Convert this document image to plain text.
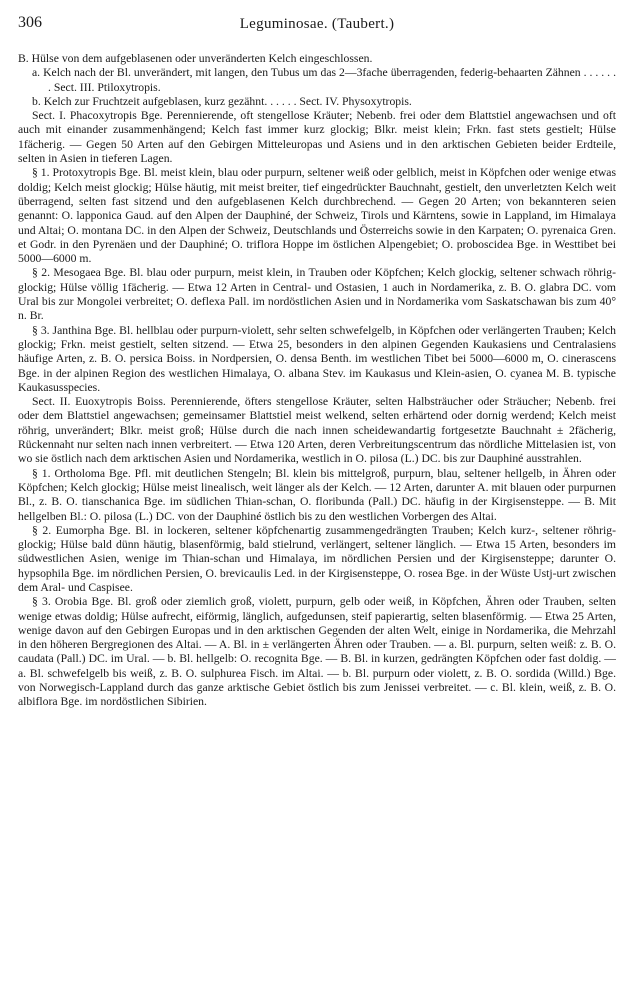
306	Leguminosae. (Taubert.)

B. Hülse von dem aufgeblasenen oder unveränderten Kelch eingeschlossen.

a. Kelch nach der Bl. unverändert, mit langen, den Tubus um das 2—3fache überragenden, federig-behaarten Zähnen . . . . . . . Sect. III. Ptiloxytropis.

b. Kelch zur Fruchtzeit aufgeblasen, kurz gezähnt. . . . . . Sect. IV. Physoxytropis.

Sect. I. Phacoxytropis Bge. Perennierende, oft stengellose Kräuter; Nebenb. frei oder dem Blattstiel angewachsen und oft auch mit einander zusammenhängend; Kelch fast immer kurz glockig; Blkr. meist klein; Frkn. fast stets gestielt; Hülse 1fächerig. — Gegen 50 Arten auf den Gebirgen Mitteleuropas und Asiens und in den arktischen Gebieten beider Erdteile, selten in Asien in tieferen Lagen.

§ 1. Protoxytropis Bge. Bl. meist klein, blau oder purpurn, seltener weiß oder gelblich, meist in Köpfchen oder wenige etwas doldig; Kelch meist glockig; Hülse häutig, mit meist breiter, tief eingedrückter Bauchnaht, gestielt, den unverletzten Kelch weit überragend, selten fast sitzend und den aufgeblasenen Kelch durchbrechend. — Gegen 20 Arten; von bekannteren seien genannt: O. lapponica Gaud. auf den Alpen der Dauphiné, der Schweiz, Tirols und Kärntens, sowie in Lappland, im Himalaya und Altai; O. montana DC. in den Alpen der Schweiz, Deutschlands und Österreichs sowie in den Karpaten; O. pyrenaica Gren. et Godr. in den Pyrenäen und der Dauphiné; O. triflora Hoppe im östlichen Alpengebiet; O. proboscidea Bge. in Westtibet bei 5000—6000 m.

§ 2. Mesogaea Bge. Bl. blau oder purpurn, meist klein, in Trauben oder Köpfchen; Kelch glockig, seltener schwach röhrig-glockig; Hülse völlig 1fächerig. — Etwa 12 Arten in Central- und Ostasien, 1 auch in Nordamerika, z. B. O. glabra DC. vom Ural bis zur Mongolei verbreitet; O. deflexa Pall. im nordöstlichen Asien und in Nordamerika vom Saskatschawan bis zum 40° n. Br.

§ 3. Janthina Bge. Bl. hellblau oder purpurn-violett, sehr selten schwefelgelb, in Köpfchen oder verlängerten Trauben; Kelch glockig; Frkn. meist gestielt, selten sitzend. — Etwa 25, besonders in den alpinen Gegenden Kaukasiens und Centralasiens häufige Arten, z. B. O. persica Boiss. in Nordpersien, O. densa Benth. im westlichen Tibet bei 5000—6000 m, O. cinerascens Bge. in der alpinen Region des westlichen Himalaya, O. albana Stev. im Kaukasus und Klein-asien, O. cyanea M. B. typische Kaukasusspecies.

Sect. II. Euoxytropis Boiss. Perennierende, öfters stengellose Kräuter, selten Halbsträucher oder Sträucher; Nebenb. frei oder dem Blattstiel angewachsen; gemeinsamer Blattstiel meist welkend, selten erhärtend oder dornig werdend; Kelch meist röhrig, unverändert; Blkr. meist groß; Hülse durch die nach innen scheidewandartig fortgesetzte Bauchnaht ± 2fächerig, Rückennaht nur selten nach innen verbreitert. — Etwa 120 Arten, deren Verbreitungscentrum das nördliche Mittelasien ist, von wo sie östlich nach dem arktischen Asien und Nordamerika, westlich in O. pilosa (L.) DC. bis zur Dauphiné ausstrahlen.

§ 1. Ortholoma Bge. Pfl. mit deutlichen Stengeln; Bl. klein bis mittelgroß, purpurn, blau, seltener hellgelb, in Ähren oder Köpfchen; Kelch glockig; Hülse meist linealisch, weit länger als der Kelch. — 12 Arten, darunter A. mit blauen oder purpurnen Bl., z. B. O. tianschanica Bge. im südlichen Thian-schan, O. floribunda (Pall.) DC. häufig in der Kirgisensteppe. — B. Mit hellgelben Bl.: O. pilosa (L.) DC. von der Dauphiné östlich bis zu den westlichen Vorbergen des Altai.

§ 2. Eumorpha Bge. Bl. in lockeren, seltener köpfchenartig zusammengedrängten Trauben; Kelch kurz-, seltener röhrig-glockig; Hülse bald dünn häutig, blasenförmig, bald stielrund, verlängert, seltener länglich. — Etwa 15 Arten, besonders im südwestlichen Asien, wenige im Thian-schan und Himalaya, im nördlichen Persien und der Kirgisensteppe; darunter O. hypsophila Bge. im nördlichen Persien, O. brevicaulis Led. in der Kirgisensteppe, O. rosea Bge. in der Wüste Ustj-urt zwischen dem Aral- und Caspisee.

§ 3. Orobia Bge. Bl. groß oder ziemlich groß, violett, purpurn, gelb oder weiß, in Köpfchen, Ähren oder Trauben, selten wenige etwas doldig; Hülse aufrecht, eiförmig, länglich, aufgedunsen, steif papierartig, selten blasenförmig. — Etwa 25 Arten, wenige davon auf den Gebirgen Europas und in den arktischen Gegenden der alten Welt, einige in Nordamerika, die Mehrzahl in den höheren Bergregionen des Altai. — A. Bl. in ± verlängerten Ähren oder Trauben. — a. Bl. purpurn, selten weiß: z. B. O. caudata (Pall.) DC. im Ural. — b. Bl. hellgelb: O. recognita Bge. — B. Bl. in kurzen, gedrängten Köpfchen oder fast doldig. — a. Bl. schwefelgelb bis weiß, z. B. O. sulphurea Fisch. im Altai. — b. Bl. purpurn oder violett, z. B. O. sordida (Willd.) Bge. von Norwegisch-Lappland durch das ganze arktische Gebiet östlich bis zum Jenissei verbreitet. — c. Bl. klein, weiß, z. B. O. albiflora Bge. im nordöstlichen Sibirien.
